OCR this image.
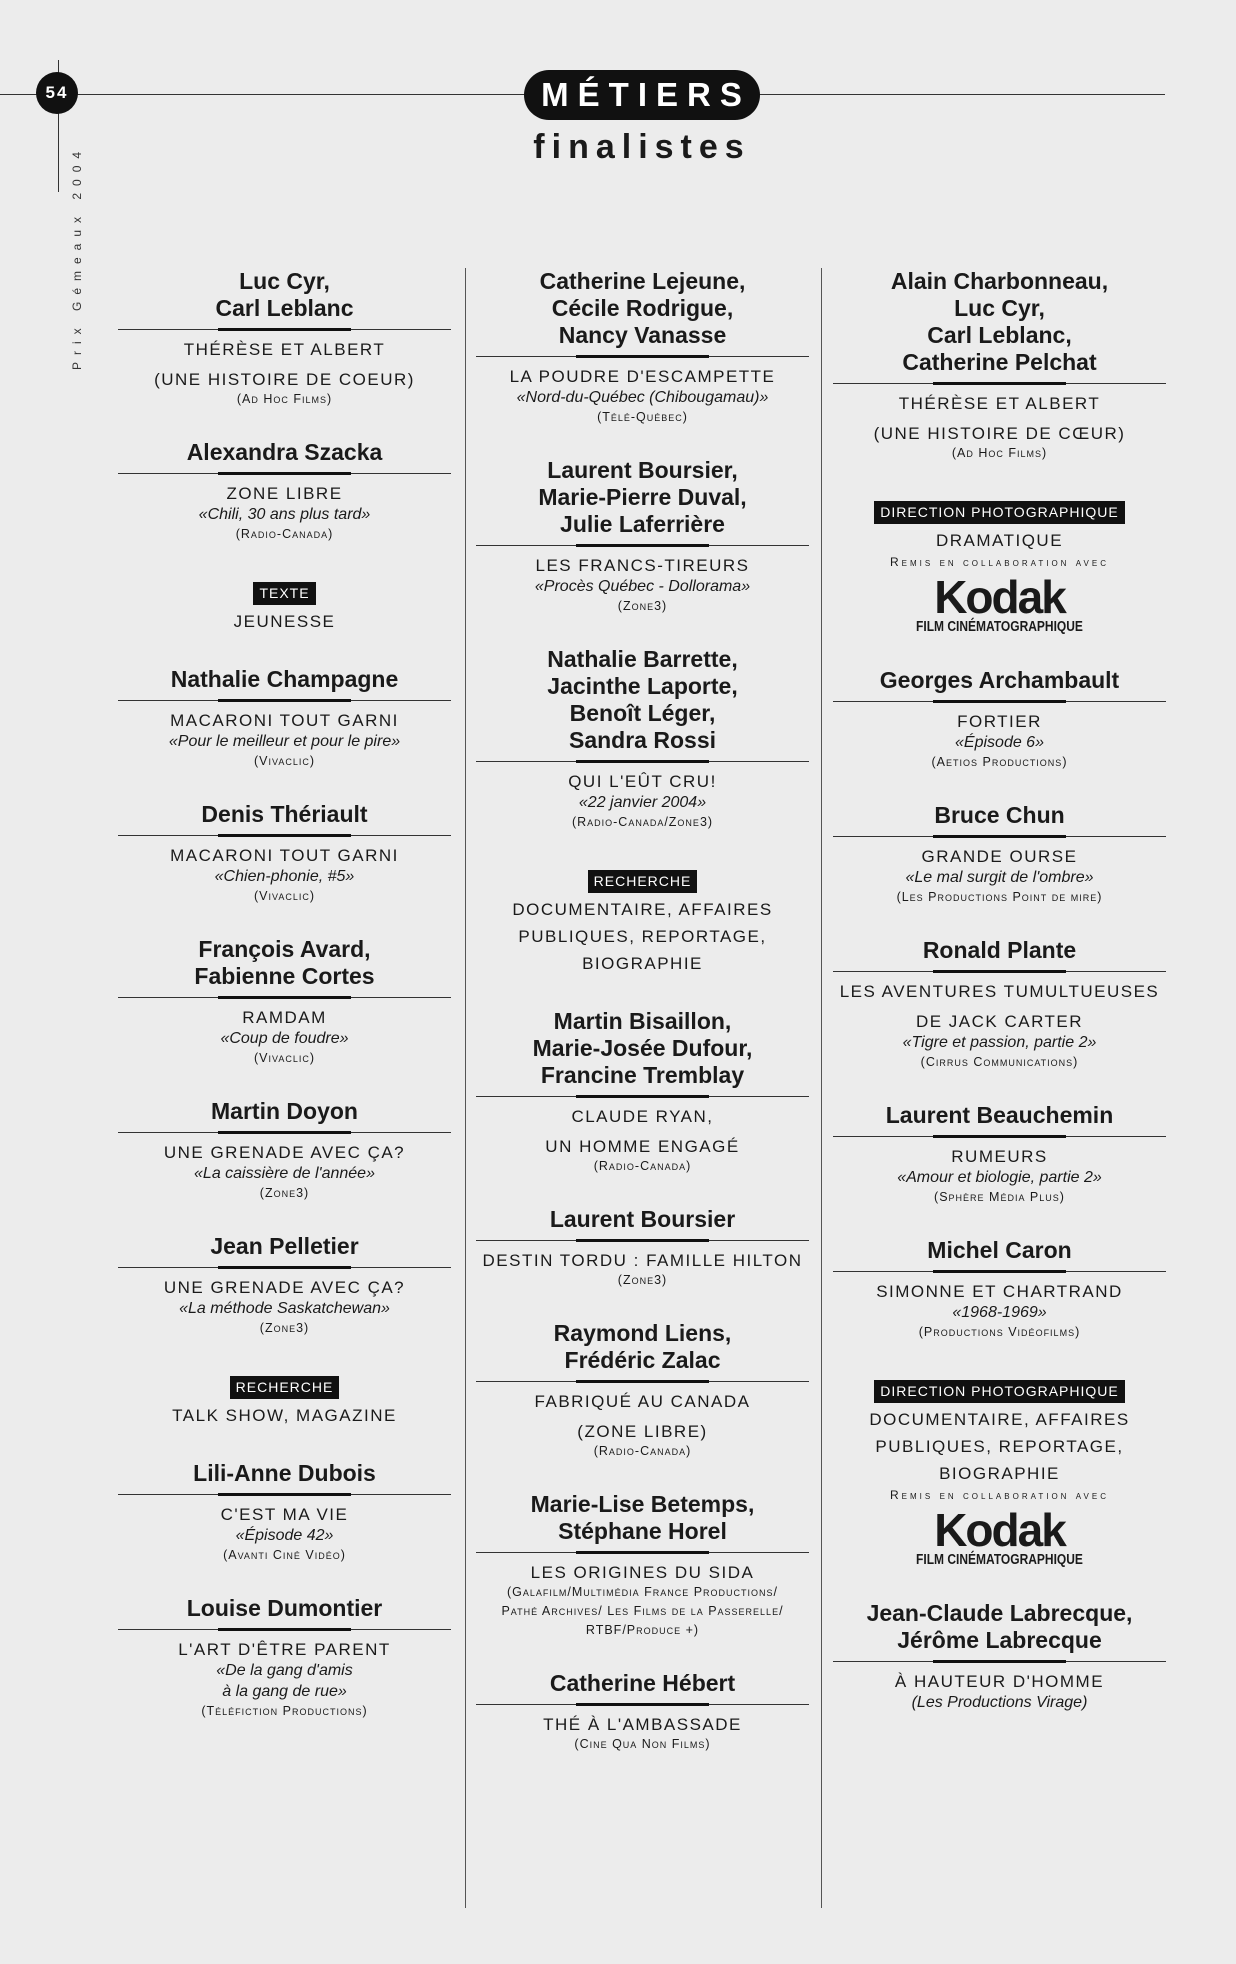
54
Prix Gémeaux 2004
MÉTIERS
finalistes
Luc Cyr,
Carl Leblanc
THÉRÈSE ET ALBERT
(UNE HISTOIRE DE COEUR)
(Ad Hoc Films)
Alexandra Szacka
ZONE LIBRE
«Chili, 30 ans plus tard»
(Radio-Canada)
TEXTE
JEUNESSE
Nathalie Champagne
MACARONI TOUT GARNI
«Pour le meilleur et pour le pire»
(Vivaclic)
Denis Thériault
MACARONI TOUT GARNI
«Chien-phonie, #5»
(Vivaclic)
François Avard,
Fabienne Cortes
RAMDAM
«Coup de foudre»
(Vivaclic)
Martin Doyon
UNE GRENADE AVEC ÇA?
«La caissière de l'année»
(Zone3)
Jean Pelletier
UNE GRENADE AVEC ÇA?
«La méthode Saskatchewan»
(Zone3)
RECHERCHE
TALK SHOW, MAGAZINE
Lili-Anne Dubois
C'EST MA VIE
«Épisode 42»
(Avanti Ciné Vidéo)
Louise Dumontier
L'ART D'ÊTRE PARENT
«De la gang d'amis
à la gang de rue»
(Téléfiction Productions)
Catherine Lejeune,
Cécile Rodrigue,
Nancy Vanasse
LA POUDRE D'ESCAMPETTE
«Nord-du-Québec (Chibougamau)»
(Télé-Québec)
Laurent Boursier,
Marie-Pierre Duval,
Julie Laferrière
LES FRANCS-TIREURS
«Procès Québec - Dollorama»
(Zone3)
Nathalie Barrette,
Jacinthe Laporte,
Benoît Léger,
Sandra Rossi
QUI L'EÛT CRU!
«22 janvier 2004»
(Radio-Canada/Zone3)
RECHERCHE
DOCUMENTAIRE, AFFAIRES
PUBLIQUES, REPORTAGE,
BIOGRAPHIE
Martin Bisaillon,
Marie-Josée Dufour,
Francine Tremblay
CLAUDE RYAN,
UN HOMME ENGAGÉ
(Radio-Canada)
Laurent Boursier
DESTIN TORDU : FAMILLE HILTON
(Zone3)
Raymond Liens,
Frédéric Zalac
FABRIQUÉ AU CANADA
(ZONE LIBRE)
(Radio-Canada)
Marie-Lise Betemps,
Stéphane Horel
LES ORIGINES DU SIDA
(Galafilm/Multimédia France Productions/
Pathé Archives/ Les Films de la Passerelle/
RTBF/Produce +)
Catherine Hébert
THÉ À L'AMBASSADE
(Cine Qua Non Films)
Alain Charbonneau,
Luc Cyr,
Carl Leblanc,
Catherine Pelchat
THÉRÈSE ET ALBERT
(UNE HISTOIRE DE CŒUR)
(Ad Hoc Films)
DIRECTION PHOTOGRAPHIQUE
DRAMATIQUE
Remis en collaboration avec
Kodak
FILM CINÉMATOGRAPHIQUE
Georges Archambault
FORTIER
«Épisode 6»
(Aetios Productions)
Bruce Chun
GRANDE OURSE
«Le mal surgit de l'ombre»
(Les Productions Point de mire)
Ronald Plante
LES AVENTURES TUMULTUEUSES
DE JACK CARTER
«Tigre et passion, partie 2»
(Cirrus Communications)
Laurent Beauchemin
RUMEURS
«Amour et biologie, partie 2»
(Sphère Média Plus)
Michel Caron
SIMONNE ET CHARTRAND
«1968-1969»
(Productions Vidéofilms)
DIRECTION PHOTOGRAPHIQUE
DOCUMENTAIRE, AFFAIRES
PUBLIQUES, REPORTAGE,
BIOGRAPHIE
Remis en collaboration avec
Kodak
FILM CINÉMATOGRAPHIQUE
Jean-Claude Labrecque,
Jérôme Labrecque
À HAUTEUR D'HOMME
(Les Productions Virage)
